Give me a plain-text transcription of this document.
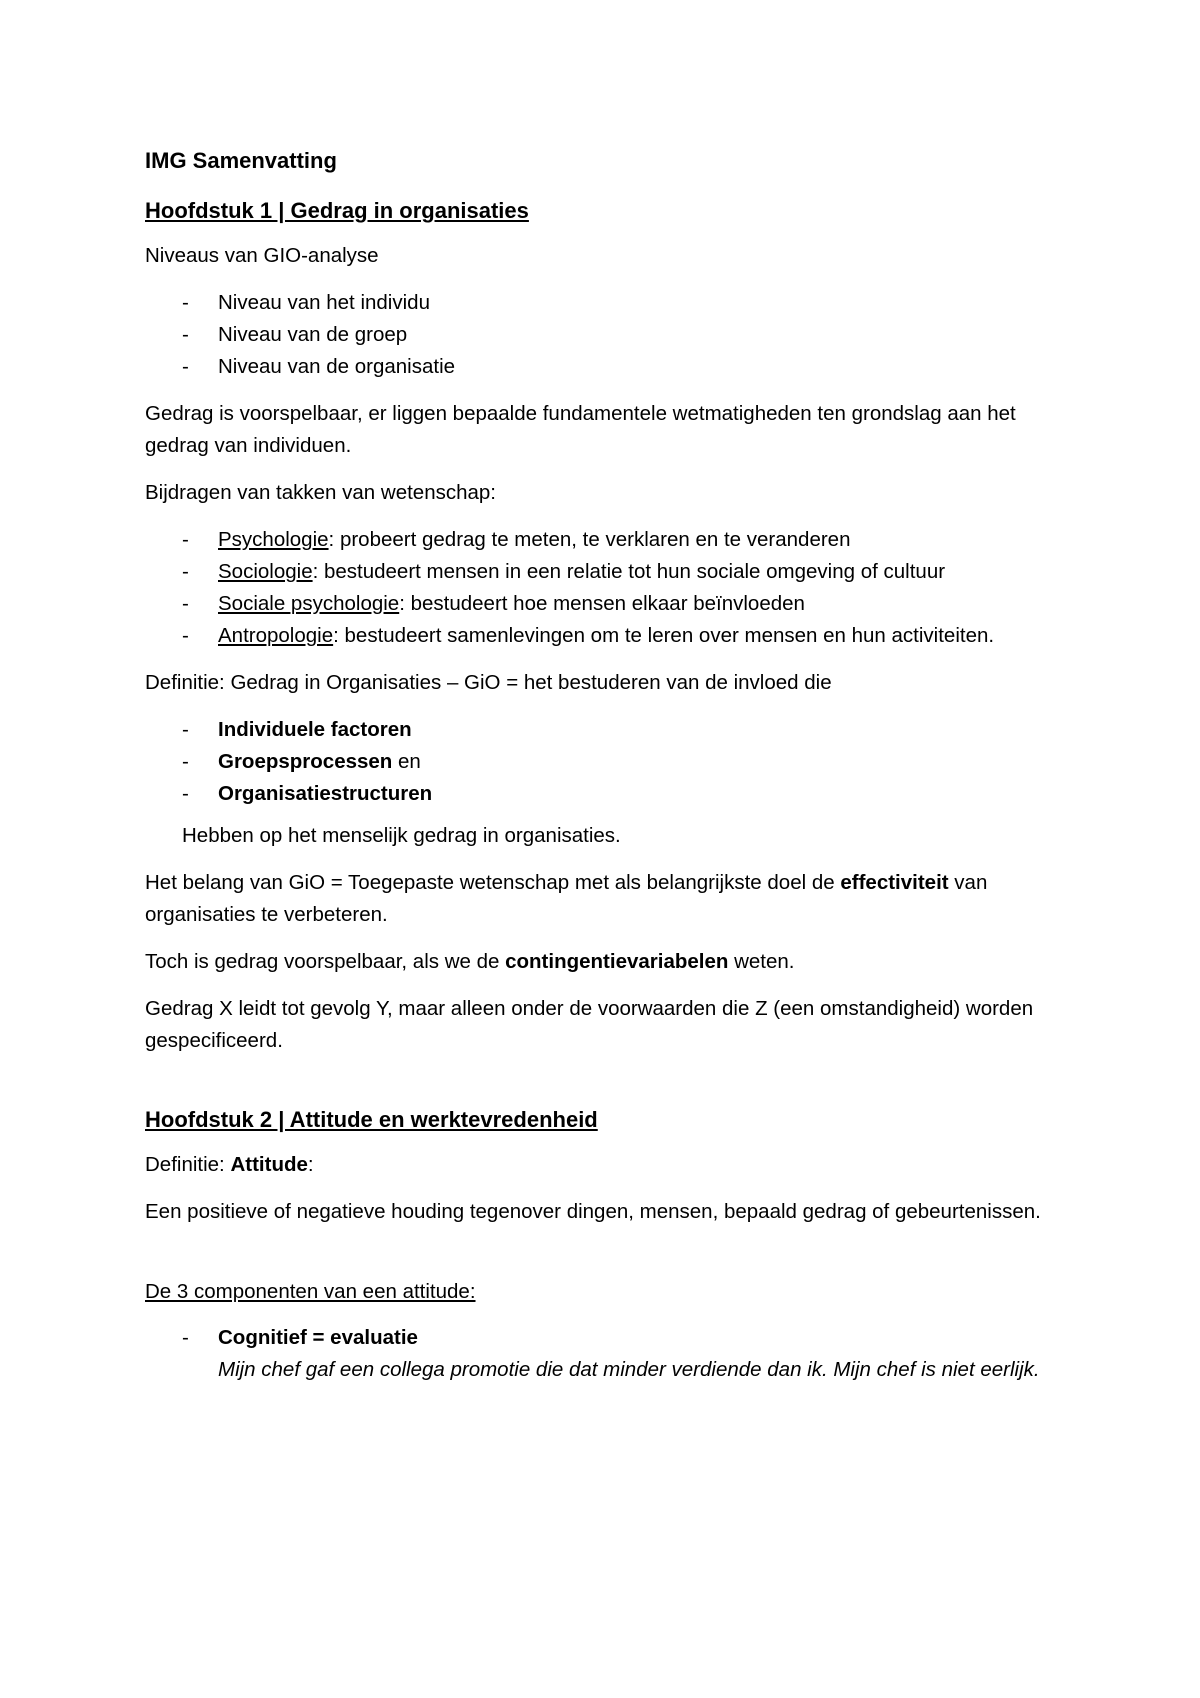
IMG Samenvatting
Hoofdstuk 1 | Gedrag in organisaties

Niveaus van GIO-analyse

- Niveau van het individu
- Niveau van de groep
- Niveau van de organisatie

Gedrag is voorspelbaar, er liggen bepaalde fundamentele wetmatigheden ten grondslag aan het gedrag van individuen.

Bijdragen van takken van wetenschap:

- Psychologie: probeert gedrag te meten, te verklaren en te veranderen
- Sociologie: bestudeert mensen in een relatie tot hun sociale omgeving of cultuur
- Sociale psychologie: bestudeert hoe mensen elkaar beïnvloeden
- Antropologie: bestudeert samenlevingen om te leren over mensen en hun activiteiten.

Definitie: Gedrag in Organisaties – GiO = het bestuderen van de invloed die

- Individuele factoren
- Groepsprocessen en
- Organisatiestructuren

Hebben op het menselijk gedrag in organisaties.

Het belang van GiO = Toegepaste wetenschap met als belangrijkste doel de effectiviteit van organisaties te verbeteren.

Toch is gedrag voorspelbaar, als we de contingentievariabelen weten.

Gedrag X leidt tot gevolg Y, maar alleen onder de voorwaarden die Z (een omstandigheid) worden gespecificeerd.

Hoofdstuk 2 | Attitude en werktevredenheid

Definitie: Attitude:

Een positieve of negatieve houding tegenover dingen, mensen, bepaald gedrag of gebeurtenissen.

De 3 componenten van een attitude:

- Cognitief = evaluatie
Mijn chef gaf een collega promotie die dat minder verdiende dan ik. Mijn chef is niet eerlijk.
